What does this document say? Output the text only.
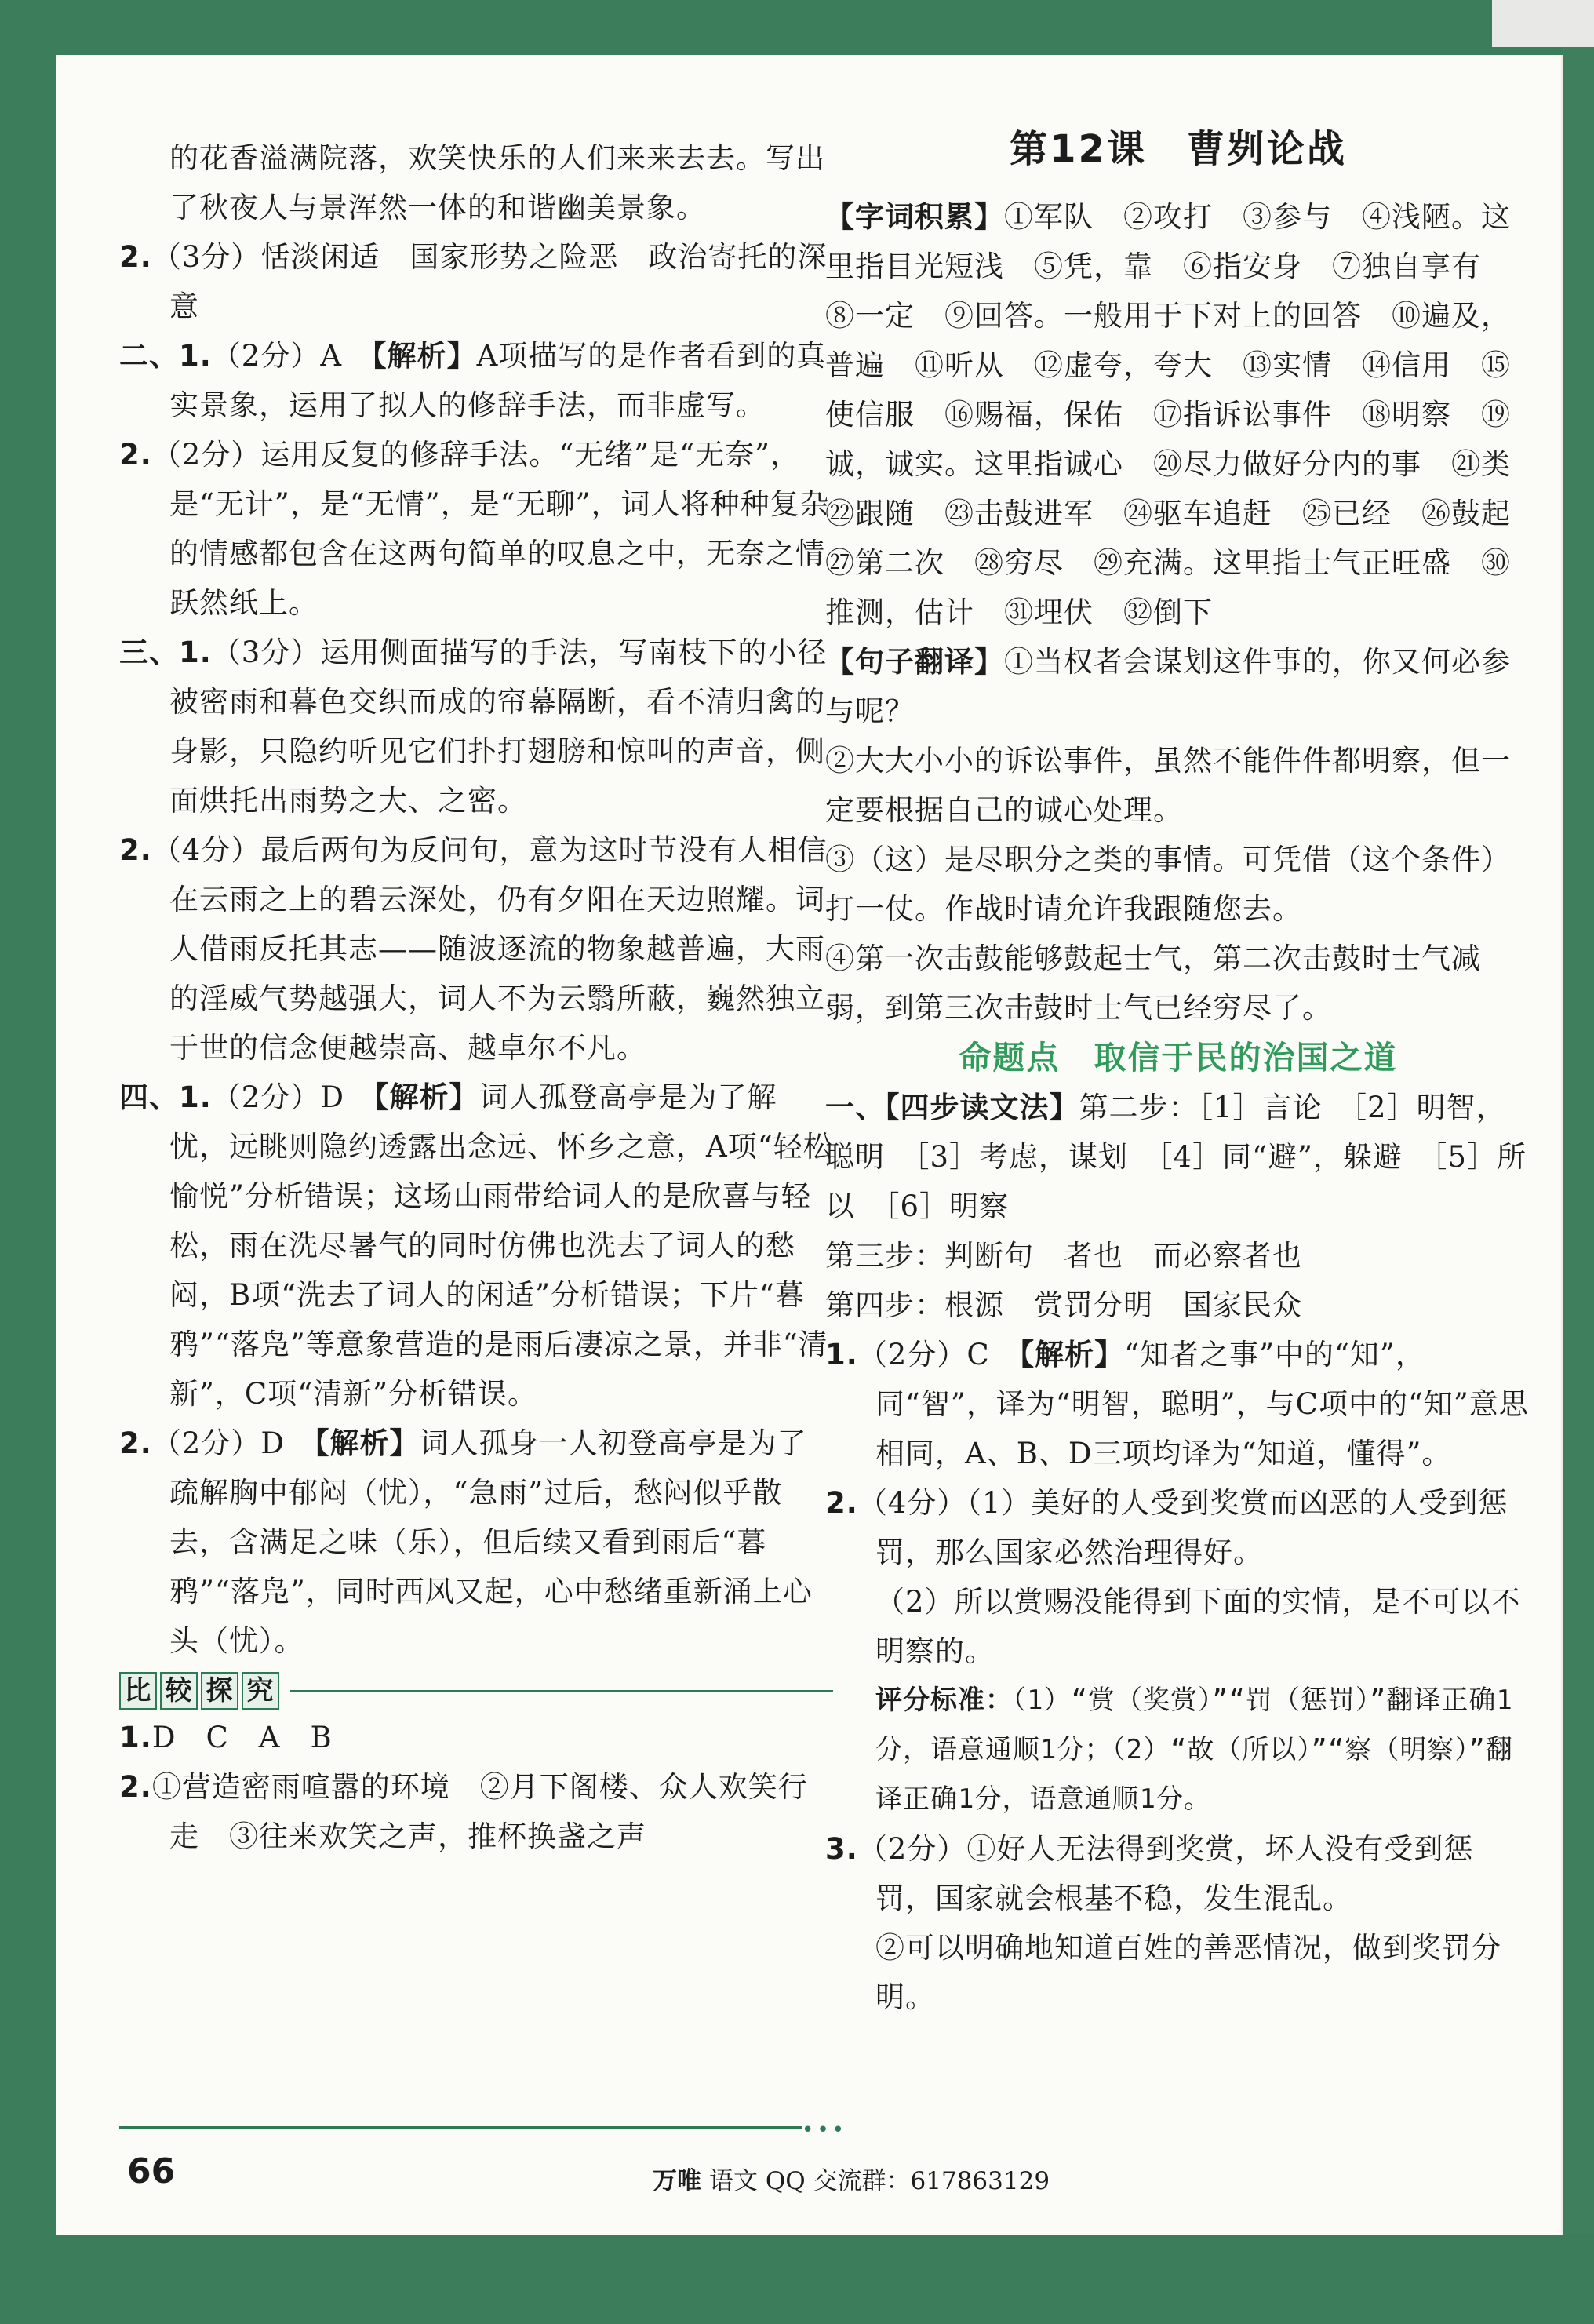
的花香溢满院落，欢笑快乐的人们来来去去。写出了秋夜人与景浑然一体的和谐幽美景象。

2.（3分）恬淡闲适　国家形势之险恶　政治寄托的深意

二、1.（2分）A　【解析】A项描写的是作者看到的真实景象，运用了拟人的修辞手法，而非虚写。

2.（2分）运用反复的修辞手法。“无绪”是“无奈”，是“无计”，是“无情”，是“无聊”，词人将种种复杂的情感都包含在这两句简单的叹息之中，无奈之情跃然纸上。

三、1.（3分）运用侧面描写的手法，写南枝下的小径被密雨和暮色交织而成的帘幕隔断，看不清归禽的身影，只隐约听见它们扑打翅膀和惊叫的声音，侧面烘托出雨势之大、之密。

2.（4分）最后两句为反问句，意为这时节没有人相信在云雨之上的碧云深处，仍有夕阳在天边照耀。词人借雨反托其志——随波逐流的物象越普遍，大雨的淫威气势越强大，词人不为云翳所蔽，巍然独立于世的信念便越崇高、越卓尔不凡。

四、1.（2分）D　【解析】词人孤登高亭是为了解忧，远眺则隐约透露出念远、怀乡之意，A项“轻松愉悦”分析错误；这场山雨带给词人的是欣喜与轻松，雨在洗尽暑气的同时仿佛也洗去了词人的愁闷，B项“洗去了词人的闲适”分析错误；下片“暮鸦”“落凫”等意象营造的是雨后凄凉之景，并非“清新”，C项“清新”分析错误。

2.（2分）D　【解析】词人孤身一人初登高亭是为了疏解胸中郁闷（忧），“急雨”过后，愁闷似乎散去，含满足之味（乐），但后续又看到雨后“暮鸦”“落凫”，同时西风又起，心中愁绪重新涌上心头（忧）。

比 较 探 究

1.D　C　A　B

2.①营造密雨喧嚣的环境　②月下阁楼、众人欢笑行走　③往来欢笑之声，推杯换盏之声

第12课　曹刿论战

【字词积累】①军队　②攻打　③参与　④浅陋。这里指目光短浅　⑤凭，靠　⑥指安身　⑦独自享有　⑧一定　⑨回答。一般用于下对上的回答　⑩遍及，普遍　⑪听从　⑫虚夸，夸大　⑬实情　⑭信用　⑮使信服　⑯赐福，保佑　⑰指诉讼事件　⑱明察　⑲诚，诚实。这里指诚心　⑳尽力做好分内的事　㉑类　㉒跟随　㉓击鼓进军　㉔驱车追赶　㉕已经　㉖鼓起　㉗第二次　㉘穷尽　㉙充满。这里指士气正旺盛　㉚推测，估计　㉛埋伏　㉜倒下

【句子翻译】①当权者会谋划这件事的，你又何必参与呢？

②大大小小的诉讼事件，虽然不能件件都明察，但一定要根据自己的诚心处理。

③（这）是尽职分之类的事情。可凭借（这个条件）打一仗。作战时请允许我跟随您去。

④第一次击鼓能够鼓起士气，第二次击鼓时士气减弱，到第三次击鼓时士气已经穷尽了。

命题点　取信于民的治国之道

一、【四步读文法】第二步：［1］言论　［2］明智，聪明　［3］考虑，谋划　［4］同“避”，躲避　［5］所以　［6］明察

第三步：判断句　者也　而必察者也

第四步：根源　赏罚分明　国家民众

1.（2分）C　【解析】“知者之事”中的“知”，同“智”，译为“明智，聪明”，与C项中的“知”意思相同，A、B、D三项均译为“知道，懂得”。

2.（4分）（1）美好的人受到奖赏而凶恶的人受到惩罚，那么国家必然治理得好。

（2）所以赏赐没能得到下面的实情，是不可以不明察的。

评分标准：（1）“赏（奖赏）”“罚（惩罚）”翻译正确1分，语意通顺1分；（2）“故（所以）”“察（明察）”翻译正确1分，语意通顺1分。

3.（2分）①好人无法得到奖赏，坏人没有受到惩罚，国家就会根基不稳，发生混乱。

②可以明确地知道百姓的善恶情况，做到奖罚分明。

•••
66	万唯 语文 QQ 交流群：617863129
